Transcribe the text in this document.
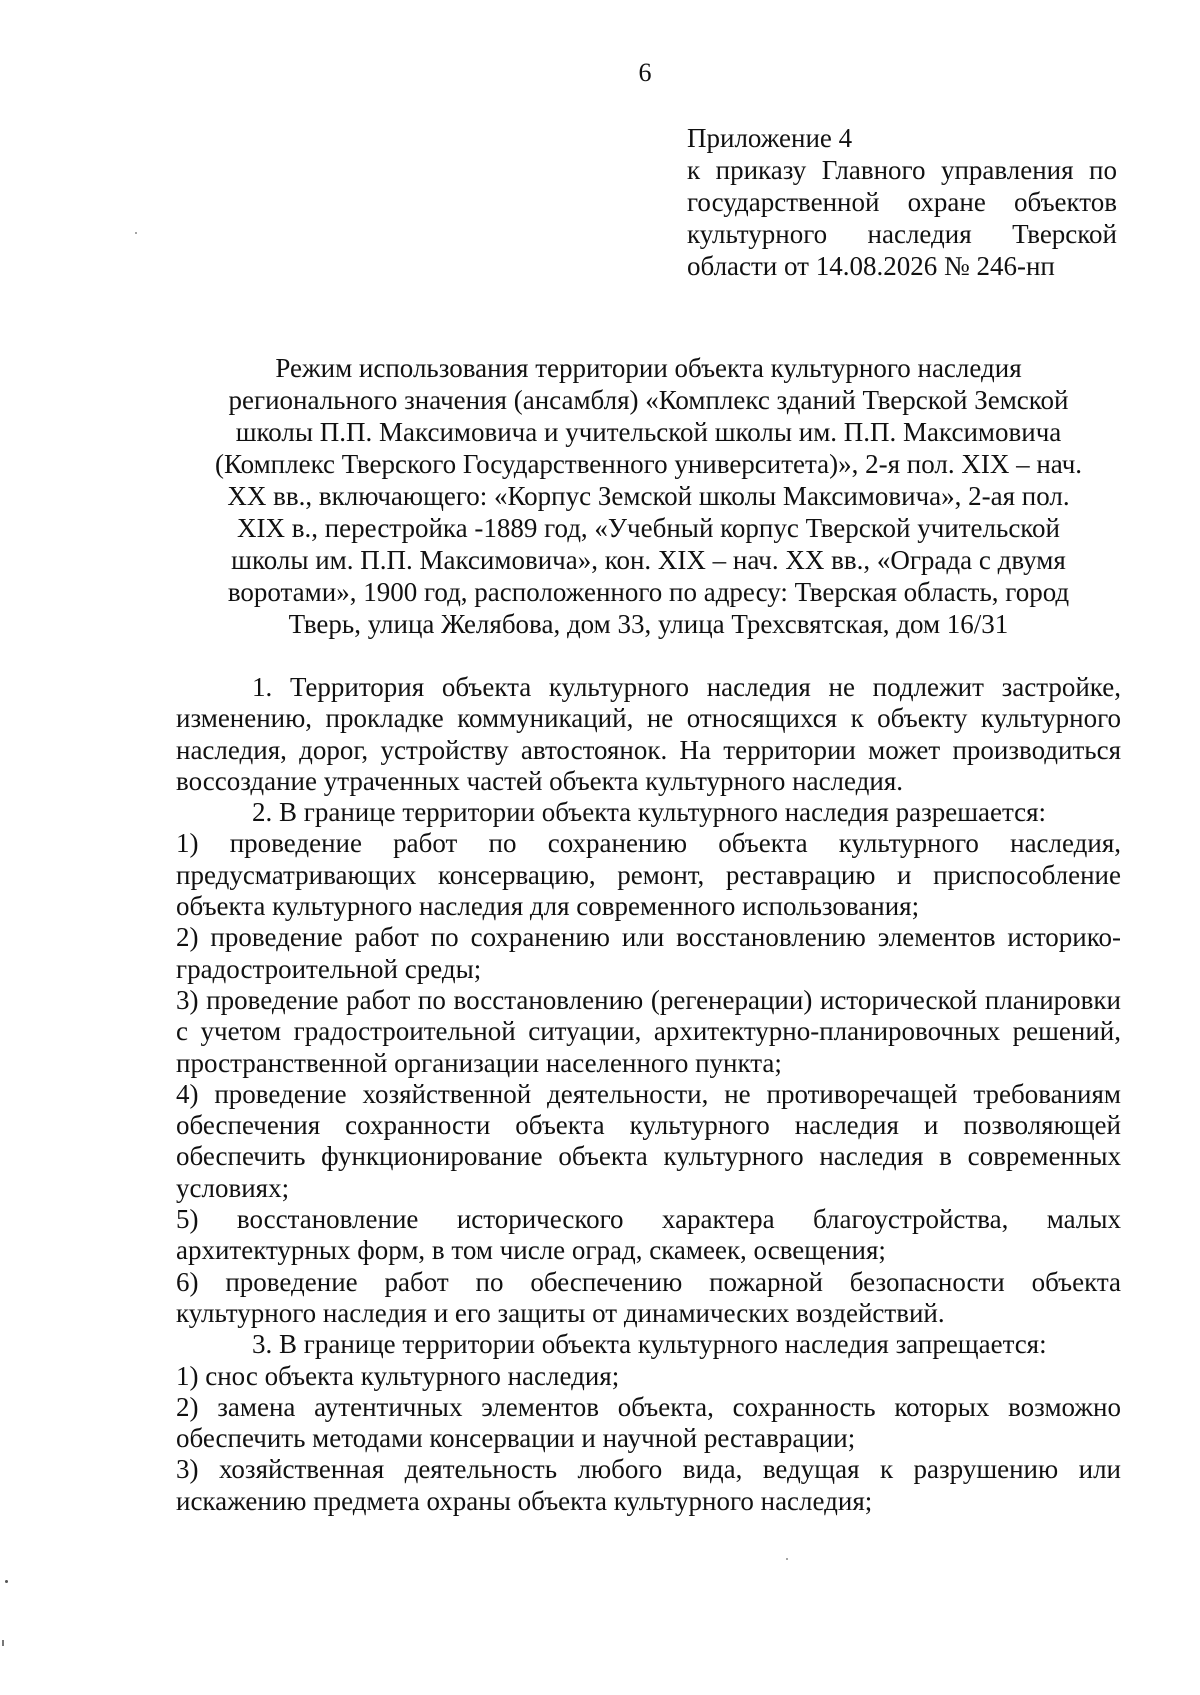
6
Приложение 4
к приказу Главного управления по
государственной охране объектов
культурного наследия Тверской
области от 14.08.2026 № 246-нп
Режим использования территории объекта культурного наследия
регионального значения (ансамбля) «Комплекс зданий Тверской Земской
школы П.П. Максимовича и учительской школы им. П.П. Максимовича
(Комплекс Тверского Государственного университета)», 2-я пол. XIX – нач.
XX вв., включающего: «Корпус Земской школы Максимовича», 2-ая пол.
XIX в., перестройка -1889 год, «Учебный корпус Тверской учительской
школы им. П.П. Максимовича», кон. XIX – нач. XX вв., «Ограда с двумя
воротами», 1900 год, расположенного по адресу: Тверская область, город
Тверь, улица Желябова, дом 33, улица Трехсвятская, дом 16/31

1. Территория объекта культурного наследия не подлежит застройке, изменению, прокладке коммуникаций, не относящихся к объекту культурного наследия, дорог, устройству автостоянок. На территории может производиться воссоздание утраченных частей объекта культурного наследия.

2. В границе территории объекта культурного наследия разрешается:

1) проведение работ по сохранению объекта культурного наследия, предусматривающих консервацию, ремонт, реставрацию и приспособление объекта культурного наследия для современного использования;

2) проведение работ по сохранению или восстановлению элементов историко-градостроительной среды;

3) проведение работ по восстановлению (регенерации) исторической планировки с учетом градостроительной ситуации, архитектурно-планировочных решений, пространственной организации населенного пункта;

4) проведение хозяйственной деятельности, не противоречащей требованиям обеспечения сохранности объекта культурного наследия и позволяющей обеспечить функционирование объекта культурного наследия в современных условиях;

5) восстановление исторического характера благоустройства, малых архитектурных форм, в том числе оград, скамеек, освещения;

6) проведение работ по обеспечению пожарной безопасности объекта культурного наследия и его защиты от динамических воздействий.

3. В границе территории объекта культурного наследия запрещается:

1) снос объекта культурного наследия;

2) замена аутентичных элементов объекта, сохранность которых возможно обеспечить методами консервации и научной реставрации;

3) хозяйственная деятельность любого вида, ведущая к разрушению или искажению предмета охраны объекта культурного наследия;
